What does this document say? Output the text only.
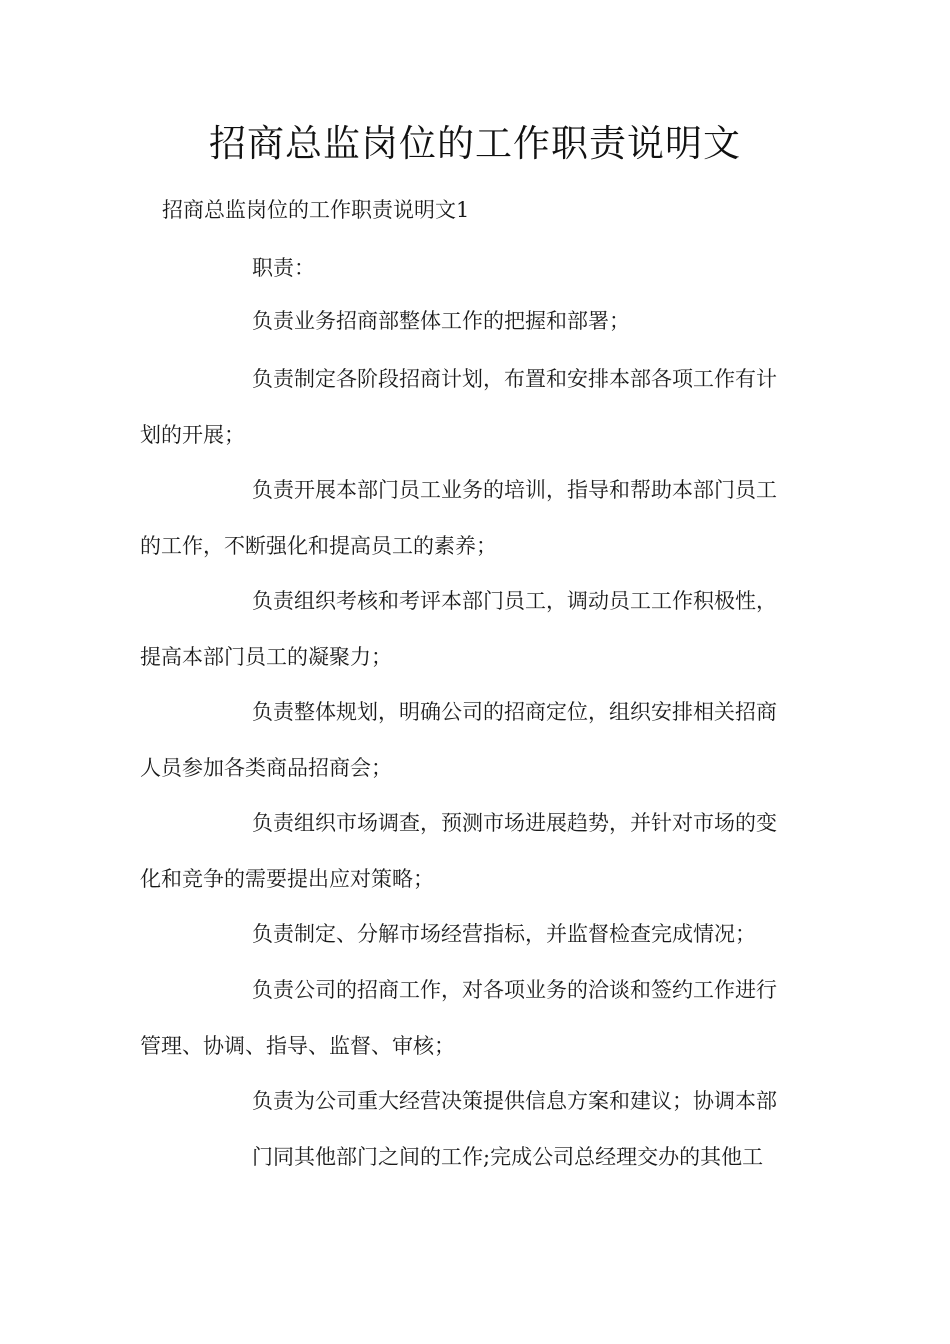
招商总监岗位的工作职责说明文

招商总监岗位的工作职责说明文1

职责：

负责业务招商部整体工作的把握和部署；

负责制定各阶段招商计划，布置和安排本部各项工作有计

划的开展；

负责开展本部门员工业务的培训，指导和帮助本部门员工

的工作，不断强化和提高员工的素养；

负责组织考核和考评本部门员工，调动员工工作积极性，

提高本部门员工的凝聚力；

负责整体规划，明确公司的招商定位，组织安排相关招商

人员参加各类商品招商会；

负责组织市场调查，预测市场进展趋势，并针对市场的变

化和竞争的需要提出应对策略；

负责制定、分解市场经营指标，并监督检查完成情况；

负责公司的招商工作，对各项业务的洽谈和签约工作进行

管理、协调、指导、监督、审核；

负责为公司重大经营决策提供信息方案和建议；协调本部

门同其他部门之间的工作;完成公司总经理交办的其他工
